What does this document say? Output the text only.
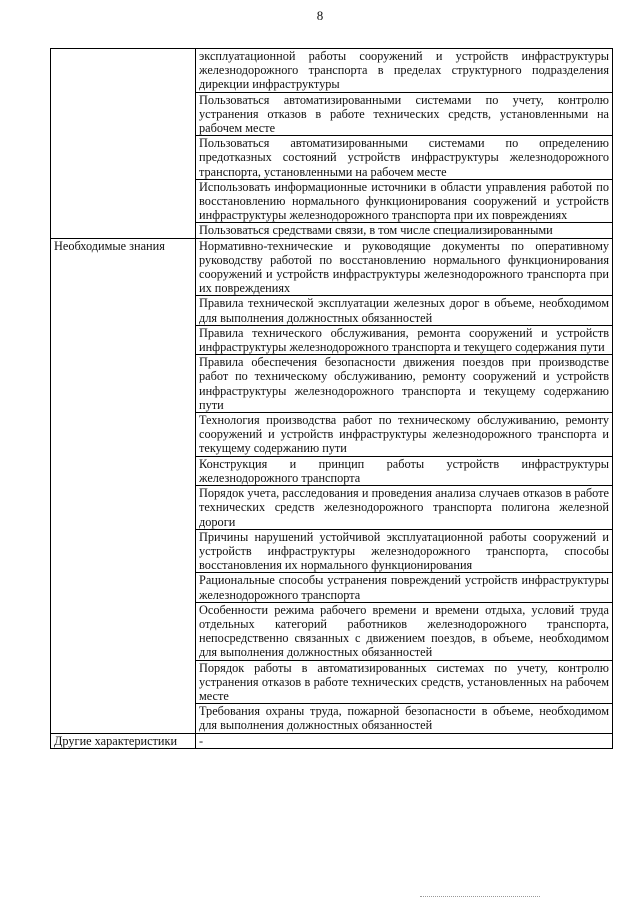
8
	эксплуатационной работы сооружений и устройств инфраструктуры железнодорожного транспорта в пределах структурного подразделения дирекции инфраструктуры
	Пользоваться автоматизированными системами по учету, контролю устранения отказов в работе технических средств, установленными на рабочем месте
	Пользоваться автоматизированными системами по определению предотказных состояний устройств инфраструктуры железнодорожного транспорта, установленными на рабочем месте
	Использовать информационные источники в области управления работой по восстановлению нормального функционирования сооружений и устройств инфраструктуры железнодорожного транспорта при их повреждениях
	Пользоваться средствами связи, в том числе специализированными
Необходимые знания	Нормативно-технические и руководящие документы по оперативному руководству работой по восстановлению нормального функционирования сооружений и устройств инфраструктуры железнодорожного транспорта при их повреждениях
	Правила технической эксплуатации железных дорог в объеме, необходимом для выполнения должностных обязанностей
	Правила технического обслуживания, ремонта сооружений и устройств инфраструктуры железнодорожного транспорта и текущего содержания пути
	Правила обеспечения безопасности движения поездов при производстве работ по техническому обслуживанию, ремонту сооружений и устройств инфраструктуры железнодорожного транспорта и текущему содержанию пути
	Технология производства работ по техническому обслуживанию, ремонту сооружений и устройств инфраструктуры железнодорожного транспорта и текущему содержанию пути
	Конструкция и принцип работы устройств инфраструктуры железнодорожного транспорта
	Порядок учета, расследования и проведения анализа случаев отказов в работе технических средств железнодорожного транспорта полигона железной дороги
	Причины нарушений устойчивой эксплуатационной работы сооружений и устройств инфраструктуры железнодорожного транспорта, способы восстановления их нормального функционирования
	Рациональные способы устранения повреждений устройств инфраструктуры железнодорожного транспорта
	Особенности режима рабочего времени и времени отдыха, условий труда отдельных категорий работников железнодорожного транспорта, непосредственно связанных с движением поездов, в объеме, необходимом для выполнения должностных обязанностей
	Порядок работы в автоматизированных системах по учету, контролю устранения отказов в работе технических средств, установленных на рабочем месте
	Требования охраны труда, пожарной безопасности в объеме, необходимом для выполнения должностных обязанностей
Другие характеристики	-
